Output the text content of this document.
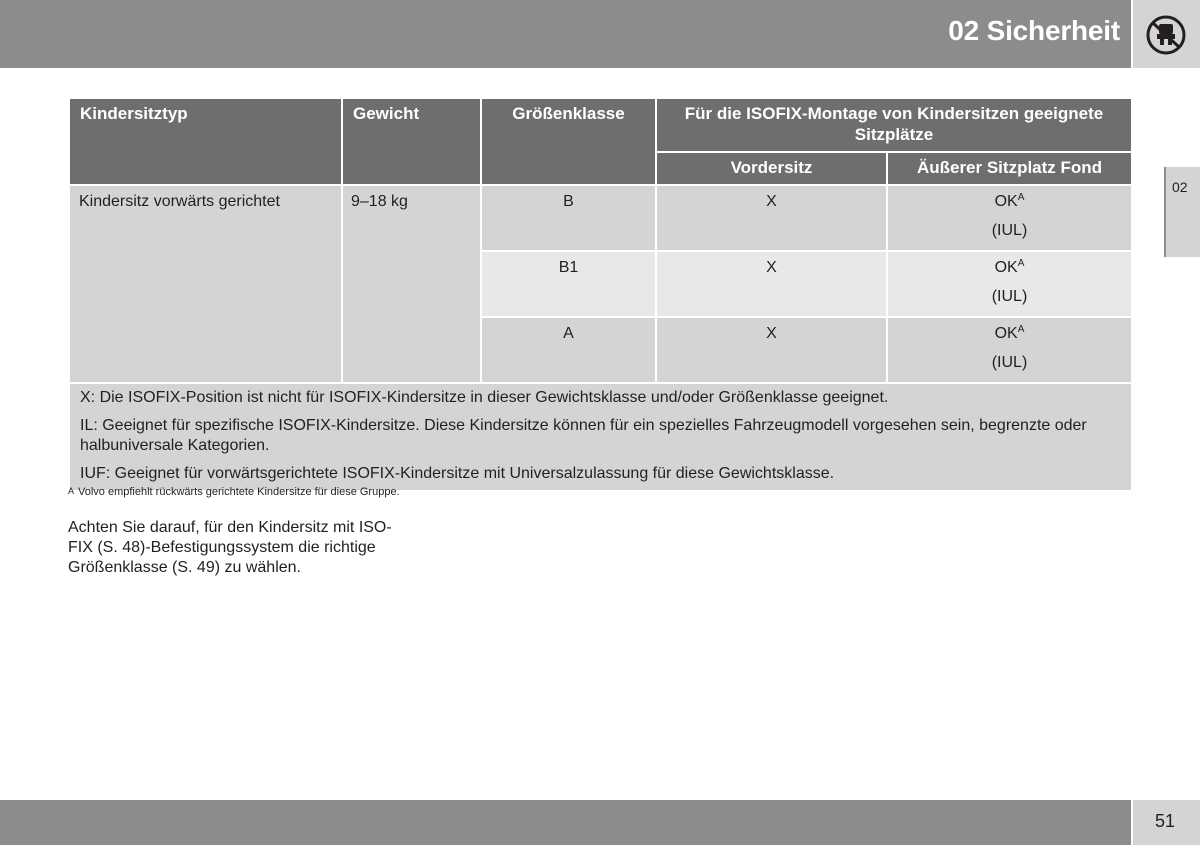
02 Sicherheit
02
Kindersitztyp	Gewicht	Größenklasse	Für die ISOFIX-Montage von Kindersitzen geeignete Sitzplätze	
			Vordersitz	Äußerer Sitzplatz Fond
Kindersitz vorwärts gerichtet	9–18 kg	B	X	$OK^A$
(IUL)

		B1	X	$OK^A$
(IUL)

		A	X	$OK^A$
(IUL)

X: Die ISOFIX-Position ist nicht für ISOFIX-Kindersitze in dieser Gewichtsklasse und/oder Größenklasse geeignet.

IL: Geeignet für spezifische ISOFIX-Kindersitze. Diese Kindersitze können für ein spezielles Fahrzeugmodell vorgesehen sein, begrenzte oder halbuniversale Kategorien.

IUF: Geeignet für vorwärtsgerichtete ISOFIX-Kindersitze mit Universalzulassung für diese Gewichtsklasse.				

$^A$ Volvo empfiehlt rückwärts gerichtete Kindersitze für diese Gruppe.
Achten Sie darauf, für den Kindersitz mit ISO-FIX (S. 48)-Befestigungssystem die richtige Größenklasse (S. 49) zu wählen.
51
